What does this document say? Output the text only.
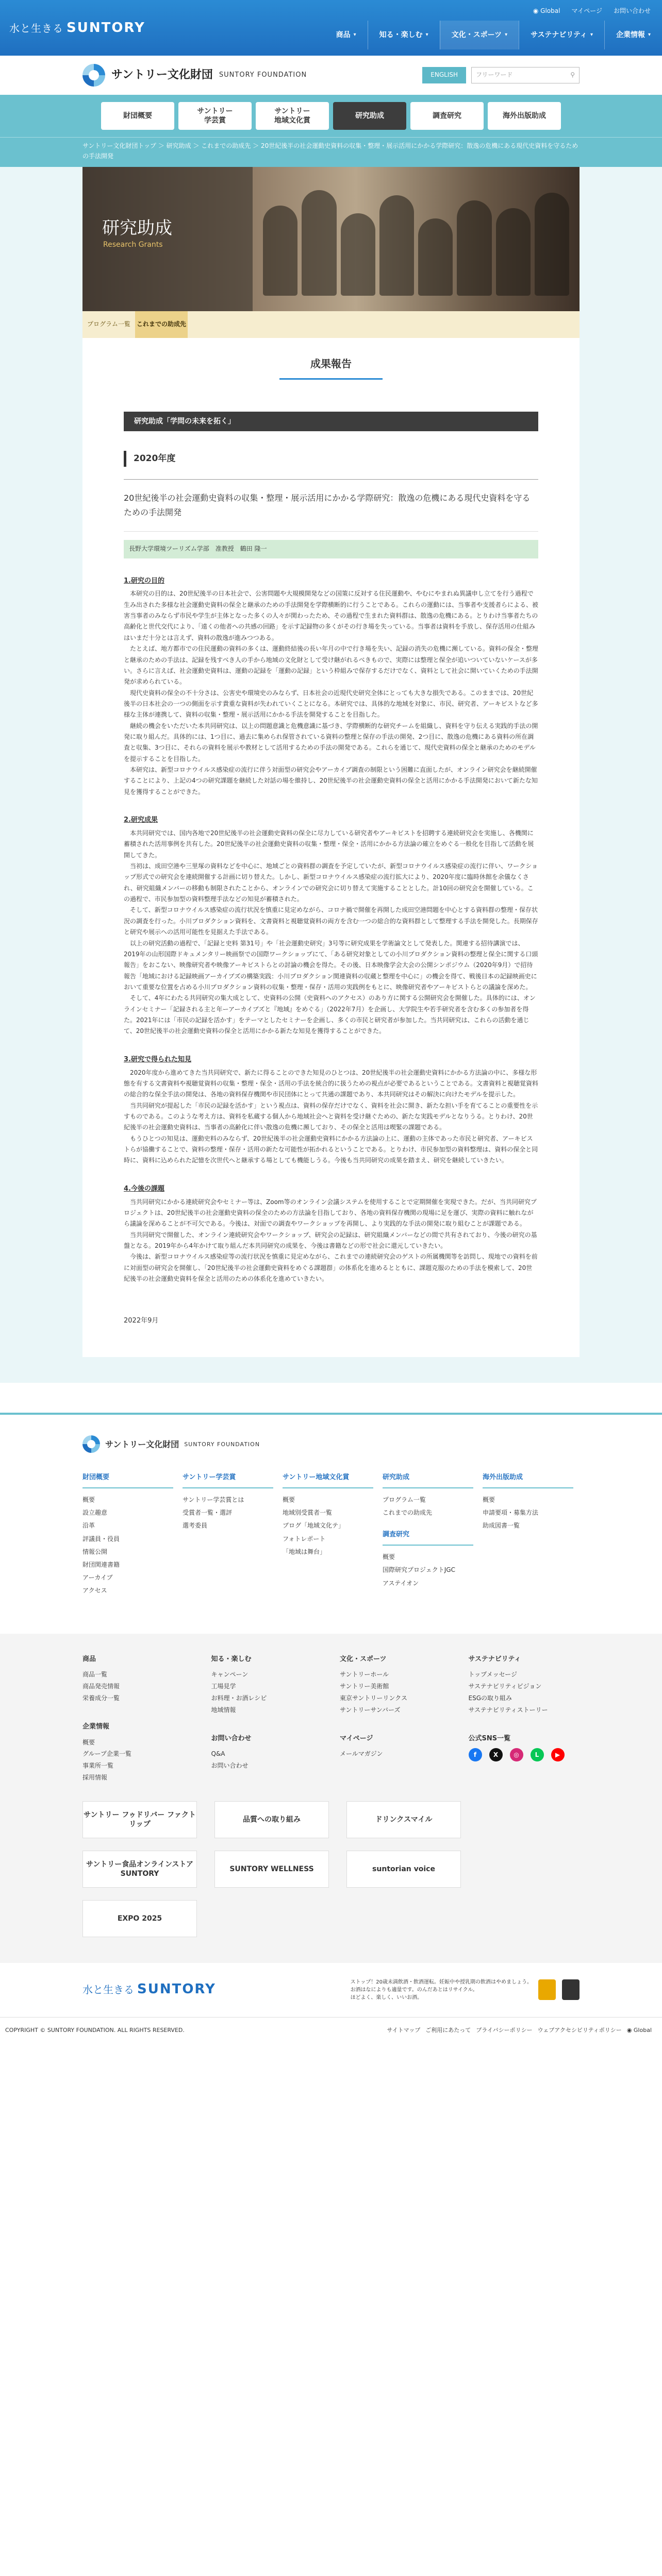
水と生きる SUNTORY
◉ Global マイページ お問い合わせ
商品 ▾	知る・楽しむ ▾	文化・スポーツ ▾	サステナビリティ ▾	企業情報 ▾
サントリー文化財団 SUNTORY FOUNDATION	ENGLISH	フリーワード	⚲
財団概要
サントリー
学芸賞
サントリー
地域文化賞
研究助成	調査研究	海外出版助成
サントリー文化財団トップ ＞ 研究助成 ＞ これまでの助成先 ＞ 20世紀後半の社会運動史資料の収集・整理・展示活用にかかる学際研究：散逸の危機にある現代史資料を守るための手法開発
研究助成
Research Grants
プログラム一覧	これまでの助成先
成果報告
研究助成「学問の未来を拓く」
2020年度
20世紀後半の社会運動史資料の収集・整理・展示活用にかかる学際研究：散逸の危機にある現代史資料を守るための手法開発
長野大学環境ツーリズム学部　准教授　鶴田 隆一
1.研究の目的

本研究の目的は、20世紀後半の日本社会で、公害問題や大規模開発などの国策に反対する住民運動や、やむにやまれぬ異議申し立てを行う過程で生み出された多様な社会運動史資料の保全と継承のための手法開発を学際横断的に行うことである。これらの運動には、当事者や支援者らによる、被害当事者のみならず市民や学生が主体となった多くの人々が関わったため、その過程で生まれた資料群は、散逸の危機にある。とりわけ当事者たちの高齢化と世代交代により、「遠くの他者への共感の回路」を示す記録物の多くがその行き場を失っている。当事者は資料を手放し、保存活用の仕組みはいまだ十分とは言えず、資料の散逸が進みつつある。

たとえば、地方都市での住民運動の資料の多くは、運動終結後の長い年月の中で行き場を失い、記録の消失の危機に瀕している。資料の保全・整理と継承のための手法は、記録を残すべき人の手から地域の文化財として受け継がれるべきもので、実際には整理と保全が追いついていないケースが多い。さらに言えば、社会運動史資料は、運動の記録を「運動の記録」という枠組みで保存するだけでなく、資料として社会に開いていくための手法開発が求められている。

現代史資料の保全の不十分さは、公害史や環境史のみならず、日本社会の近現代史研究全体にとっても大きな損失である。このままでは、20世紀後半の日本社会の一つの側面を示す貴重な資料が失われていくことになる。本研究では、具体的な地域を対象に、市民、研究者、アーキビストなど多様な主体が連携して、資料の収集・整理・展示活用にかかる手法を開発することを目指した。

継続の機会をいただいた本共同研究は、以上の問題意識と危機意識に基づき、学際横断的な研究チームを組織し、資料を守り伝える実践的手法の開発に取り組んだ。具体的には、1つ目に、過去に集められ保管されている資料の整理と保存の手法の開発、2つ目に、散逸の危機にある資料の所在調査と収集、3つ目に、それらの資料を展示や教材として活用するための手法の開発である。これらを通じて、現代史資料の保全と継承のためのモデルを提示することを目指した。

本研究は、新型コロナウイルス感染症の流行に伴う対面型の研究会やアーカイブ調査の制限という困難に直面したが、オンライン研究会を継続開催することにより、上記の4つの研究課題を継続した対話の場を維持し、20世紀後半の社会運動史資料の保全と活用にかかる手法開発において新たな知見を獲得することができた。

2.研究成果

本共同研究では、国内各地で20世紀後半の社会運動史資料の保全に尽力している研究者やアーキビストを招聘する連続研究会を実施し、各機関に蓄積された活用事例を共有した。20世紀後半の社会運動史資料の収集・整理・保全・活用にかかる方法論の確立をめぐる一般化を目指して活動を展開してきた。

当初は、成田空港や三里塚の資料などを中心に、地域ごとの資料群の調査を予定していたが、新型コロナウイルス感染症の流行に伴い、ワークショップ形式での研究会を連続開催する計画に切り替えた。しかし、新型コロナウイルス感染症の流行拡大により、2020年度に臨時休館を余儀なくされ、研究組織メンバーの移動も制限されたことから、オンラインでの研究会に切り替えて実施することとした。計10回の研究会を開催している。この過程で、市民参加型の資料整理手法などの知見が蓄積された。

そして、新型コロナウイルス感染症の流行状況を慎重に見定めながら、コロナ禍で開催を再開した成田空港問題を中心とする資料群の整理・保存状況の調査を行った。小川プロダクション資料を、文書資料と視聴覚資料の両方を含む一つの総合的な資料群として整理する手法を開発した。長期保存と研究や展示への活用可能性を見据えた手法である。

以上の研究活動の過程で、「記録と史料 第31号」や「社会運動史研究」3号等に研究成果を学術論文として発表した。関連する招待講演では、2019年の山形国際ドキュメンタリー映画祭での国際ワークショップにて、「ある研究対象としての小川プロダクション資料の整理と保全に関する口頭報告」をおこない、映像研究者や映像アーキビストらとの討論の機会を得た。その後、日本映像学会大会の公開シンポジウム（2020年9月）で招待報告「地域における記録映画アーカイブズの構築実践：小川プロダクション関連資料の収蔵と整理を中心に」の機会を得て、戦後日本の記録映画史において重要な位置を占める小川プロダクション資料の収集・整理・保存・活用の実践例をもとに、映像研究者やアーキビストらとの議論を深めた。

そして、4年にわたる共同研究の集大成として、史資料の公開（史資料へのアクセス）のあり方に関する公開研究会を開催した。具体的には、オンラインセミナー「記録される主と年ーアーカイブズと『地域』をめぐる」（2022年7月）を企画し、大学院生や若手研究者を含む多くの参加者を得た。2021年には「市民の記録を活かす」をテーマとしたセミナーを企画し、多くの市民と研究者が参加した。当共同研究は、これらの活動を通じて、20世紀後半の社会運動史資料の保全と活用にかかる新たな知見を獲得することができた。

3.研究で得られた知見

2020年度から進めてきた当共同研究で、新たに得ることのできた知見のひとつは、20世紀後半の社会運動史資料にかかる方法論の中に、多様な形態を有する文書資料や視聴覚資料の収集・整理・保全・活用の手法を統合的に扱うための視点が必要であるということである。文書資料と視聴覚資料の総合的な保全手法の開発は、各地の資料保存機関や市民団体にとって共通の課題であり、本共同研究はその解決に向けたモデルを提示した。

当共同研究が提起した「市民の記録を活かす」という視点は、資料の保存だけでなく、資料を社会に開き、新たな担い手を育てることの重要性を示すものである。このような考え方は、資料を私蔵する個人から地域社会へと資料を受け継ぐための、新たな実践モデルとなりうる。とりわけ、20世紀後半の社会運動史資料は、当事者の高齢化に伴い散逸の危機に瀕しており、その保全と活用は喫緊の課題である。

もうひとつの知見は、運動史料のみならず、20世紀後半の社会運動史資料にかかる方法論の上に、運動の主体であった市民と研究者、アーキビストらが協働することで、資料の整理・保存・活用の新たな可能性が拓かれるということである。とりわけ、市民参加型の資料整理は、資料の保全と同時に、資料に込められた記憶を次世代へと継承する場としても機能しうる。今後も当共同研究の成果を踏まえ、研究を継続していきたい。

4.今後の課題

当共同研究にかかる連続研究会やセミナー等は、Zoom等のオンライン会議システムを使用することで定期開催を実現できた。だが、当共同研究プロジェクトは、20世紀後半の社会運動史資料の保全のための方法論を目指しており、各地の資料保存機関の現場に足を運び、実際の資料に触れながら議論を深めることが不可欠である。今後は、対面での調査やワークショップを再開し、より実践的な手法の開発に取り組むことが課題である。

当共同研究で開催した、オンライン連続研究会やワークショップ、研究会の記録は、研究組織メンバーなどの間で共有されており、今後の研究の基盤となる。2019年から4年かけて取り組んだ本共同研究の成果を、今後は書籍などの形で社会に還元していきたい。

今後は、新型コロナウイルス感染症等の流行状況を慎重に見定めながら、これまでの連続研究会のゲストの所属機関等を訪問し、現地での資料を前に対面型の研究会を開催し、「20世紀後半の社会運動史資料をめぐる課題群」の体系化を進めるとともに、課題克服のための手法を模索して、20世紀後半の社会運動史資料を保全と活用のための体系化を進めていきたい。

2022年9月
サントリー文化財団 SUNTORY FOUNDATION
財団概要
概要
設立趣意
沿革
評議員・役員
情報公開
財団関連書籍
アーカイブ
アクセス
サントリー学芸賞
サントリー学芸賞とは
受賞者一覧・選評
選考委員
サントリー地域文化賞
概要
地域別受賞者一覧
ブログ「地域文化テ」
フォトレポート
「地域は舞台」
研究助成
プログラム一覧
これまでの助成先
調査研究
概要
国際研究プロジェクトJGC
アステイオン
海外出版助成
概要
申請要項・募集方法
助成図書一覧
商品
商品一覧
商品発売情報
栄養成分一覧
企業情報
概要
グループ企業一覧
事業所一覧
採用情報
知る・楽しむ
キャンペーン
工場見学
お料理・お酒レシピ
地域情報
お問い合わせ
Q&A
お問い合わせ
文化・スポーツ
サントリーホール
サントリー美術館
東京サントリーリンクス
サントリーサンバーズ
マイページ
メールマガジン
サステナビリティ
トップメッセージ
サステナビリティビジョン
ESGの取り組み
サステナビリティストーリー
公式SNS一覧
f	X	◎	L	▶
サントリー フゥドリバー ファクトリップ
品質への取り組み	ドリンクスマイル
サントリー食品オンラインストア SUNTORY
SUNTORY WELLNESS	suntorian voice
EXPO 2025
水と生きる SUNTORY	ストップ！20歳未満飲酒・飲酒運転。妊娠中や授乳期の飲酒はやめましょう。
お酒はなによりも適量です。のんだあとはリサイクル。
ほどよく、楽しく、いいお酒。
COPYRIGHT © SUNTORY FOUNDATION. ALL RIGHTS RESERVED.	サイトマップ ご利用にあたって プライバシーポリシー ウェブアクセシビリティポリシー ◉ Global
